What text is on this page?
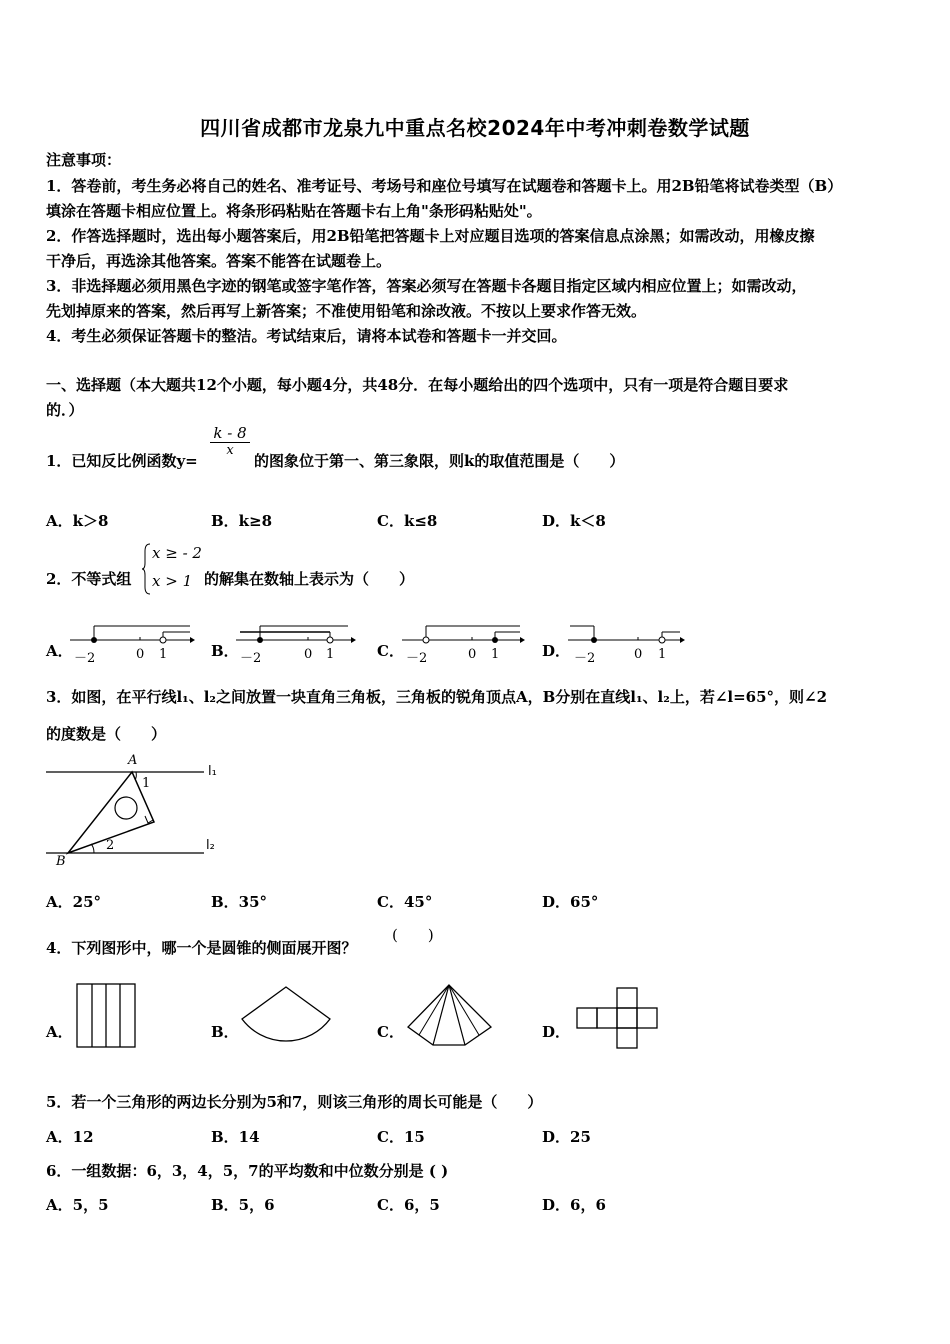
四川省成都市龙泉九中重点名校2024年中考冲刺卷数学试题
注意事项：
1．答卷前，考生务必将自己的姓名、准考证号、考场号和座位号填写在试题卷和答题卡上。用2B铅笔将试卷类型（B）
填涂在答题卡相应位置上。将条形码粘贴在答题卡右上角"条形码粘贴处"。
2．作答选择题时，选出每小题答案后，用2B铅笔把答题卡上对应题目选项的答案信息点涂黑；如需改动，用橡皮擦
干净后，再选涂其他答案。答案不能答在试题卷上。
3．非选择题必须用黑色字迹的钢笔或签字笔作答，答案必须写在答题卡各题目指定区域内相应位置上；如需改动，
先划掉原来的答案，然后再写上新答案；不准使用铅笔和涂改液。不按以上要求作答无效。
4．考生必须保证答题卡的整洁。考试结束后，请将本试卷和答题卡一并交回。
一、选择题（本大题共12个小题，每小题4分，共48分．在每小题给出的四个选项中，只有一项是符合题目要求
的．）
1．已知反比例函数y=
k - 8
x
的图象位于第一、第三象限，则k的取值范围是（　　）
A．k＞8	B．k≥8	C．k≤8	D．k＜8
2．不等式组
x ≥ - 2
x > 1 的解集在数轴上表示为（　　）
A．	B．	C．	D．
－2	0 1	－2	0 1	－2	0 1	－2	0 1
3．如图，在平行线l₁、l₂之间放置一块直角三角板，三角板的锐角顶点A，B分别在直线l₁、l₂上，若∠l=65°，则∠2
的度数是（　　）
A
1
B
2
l₁
l₂
A．25°	B．35°	C．45°	D．65°
4．下列图形中，哪一个是圆锥的侧面展开图？
(　　)
A．	B．	C．	D．
5．若一个三角形的两边长分别为5和7，则该三角形的周长可能是（　　）
A．12	B．14	C．15	D．25
6．一组数据：6，3，4，5，7的平均数和中位数分别是 ( )
A．5，5	B．5，6	C．6，5	D．6，6
